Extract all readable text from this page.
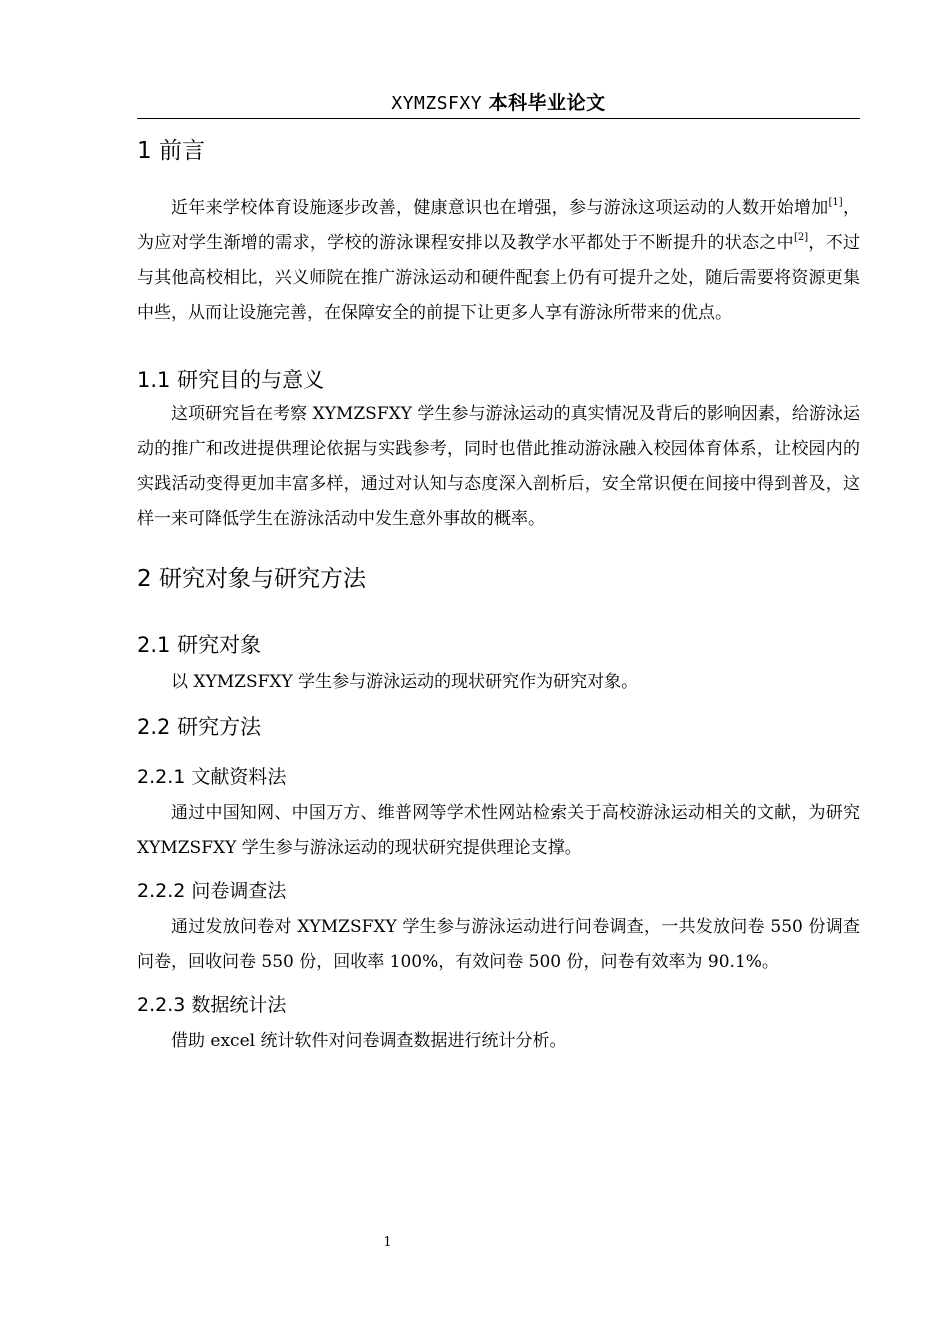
XYMZSFXY 本科毕业论文
1 前言
近年来学校体育设施逐步改善，健康意识也在增强，参与游泳这项运动的人数开始增加[1]，为应对学生渐增的需求，学校的游泳课程安排以及教学水平都处于不断提升的状态之中[2]，不过与其他高校相比，兴义师院在推广游泳运动和硬件配套上仍有可提升之处，随后需要将资源更集中些，从而让设施完善，在保障安全的前提下让更多人享有游泳所带来的优点。
1.1 研究目的与意义
这项研究旨在考察 XYMZSFXY 学生参与游泳运动的真实情况及背后的影响因素，给游泳运动的推广和改进提供理论依据与实践参考，同时也借此推动游泳融入校园体育体系，让校园内的实践活动变得更加丰富多样，通过对认知与态度深入剖析后，安全常识便在间接中得到普及，这样一来可降低学生在游泳活动中发生意外事故的概率。
2 研究对象与研究方法
2.1 研究对象
以 XYMZSFXY 学生参与游泳运动的现状研究作为研究对象。
2.2 研究方法
2.2.1 文献资料法
通过中国知网、中国万方、维普网等学术性网站检索关于高校游泳运动相关的文献，为研究 XYMZSFXY 学生参与游泳运动的现状研究提供理论支撑。
2.2.2 问卷调查法
通过发放问卷对 XYMZSFXY 学生参与游泳运动进行问卷调查，一共发放问卷 550 份调查问卷，回收问卷 550 份，回收率 100%，有效问卷 500 份，问卷有效率为 90.1%。
2.2.3 数据统计法
借助 excel 统计软件对问卷调查数据进行统计分析。
1
